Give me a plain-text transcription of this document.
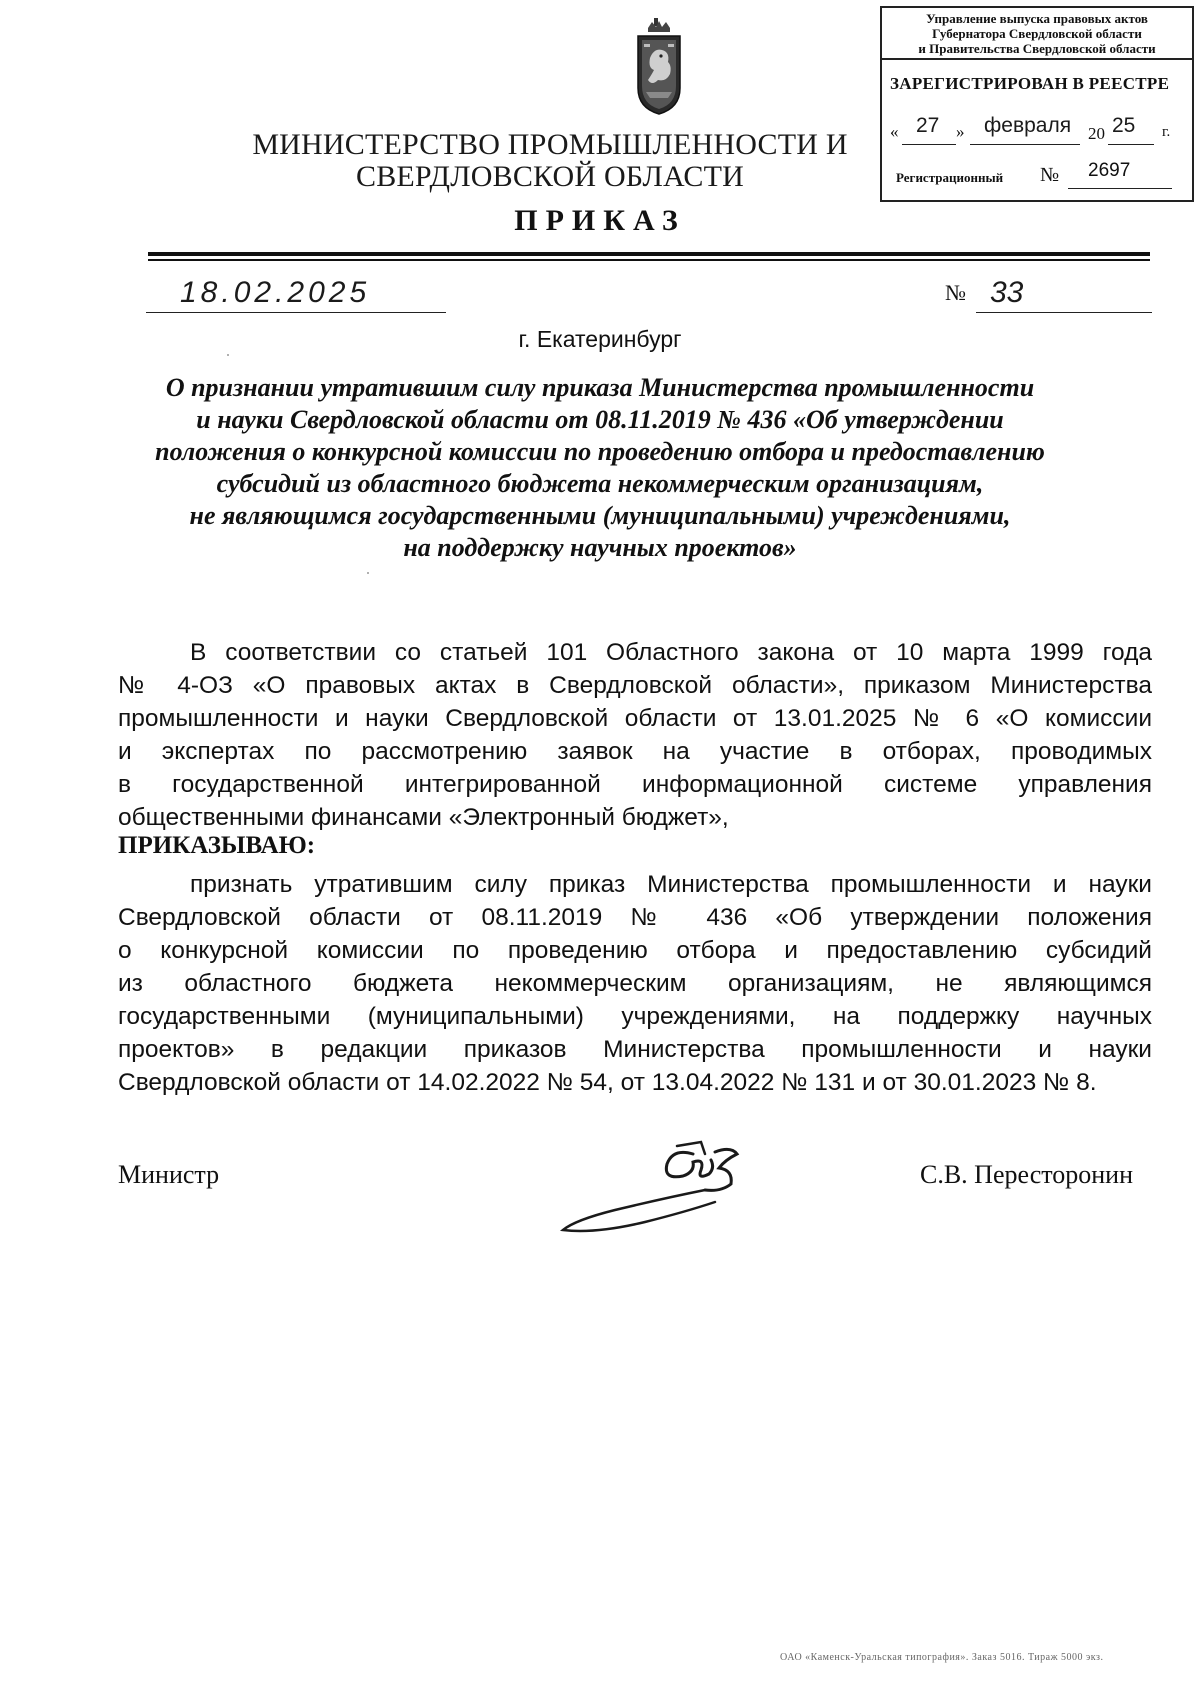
МИНИСТЕРСТВО ПРОМЫШЛЕННОСТИ И
СВЕРДЛОВСКОЙ ОБЛАСТИ
Управление выпуска правовых актов
Губернатора Свердловской области
и Правительства Свердловской области
ЗАРЕГИСТРИРОВАН В РЕЕСТРЕ
« 27 » февраля 20 25 г.
Регистрационный № 2697
ПРИКАЗ
18.02.2025	№ 33
г. Екатеринбург
О признании утратившим силу приказа Министерства промышленности
и науки Свердловской области от 08.11.2019 № 436 «Об утверждении
положения о конкурсной комиссии по проведению отбора и предоставлению
субсидий из областного бюджета некоммерческим организациям,
не являющимся государственными (муниципальными) учреждениями,
на поддержку научных проектов»
В соответствии со статьей 101 Областного закона от 10 марта 1999 года
№ 4-ОЗ «О правовых актах в Свердловской области», приказом Министерства
промышленности и науки Свердловской области от 13.01.2025 № 6 «О комиссии
и экспертах по рассмотрению заявок на участие в отборах, проводимых
в государственной интегрированной информационной системе управления
общественными финансами «Электронный бюджет»,
ПРИКАЗЫВАЮ:
признать утратившим силу приказ Министерства промышленности и науки
Свердловской области от 08.11.2019 № 436 «Об утверждении положения
о конкурсной комиссии по проведению отбора и предоставлению субсидий
из областного бюджета некоммерческим организациям, не являющимся
государственными (муниципальными) учреждениями, на поддержку научных
проектов» в редакции приказов Министерства промышленности и науки
Свердловской области от 14.02.2022 № 54, от 13.04.2022 № 131 и от 30.01.2023 № 8.
Министр	С.В. Пересторонин
ОАО «Каменск-Уральская типография». Заказ 5016. Тираж 5000 экз.
